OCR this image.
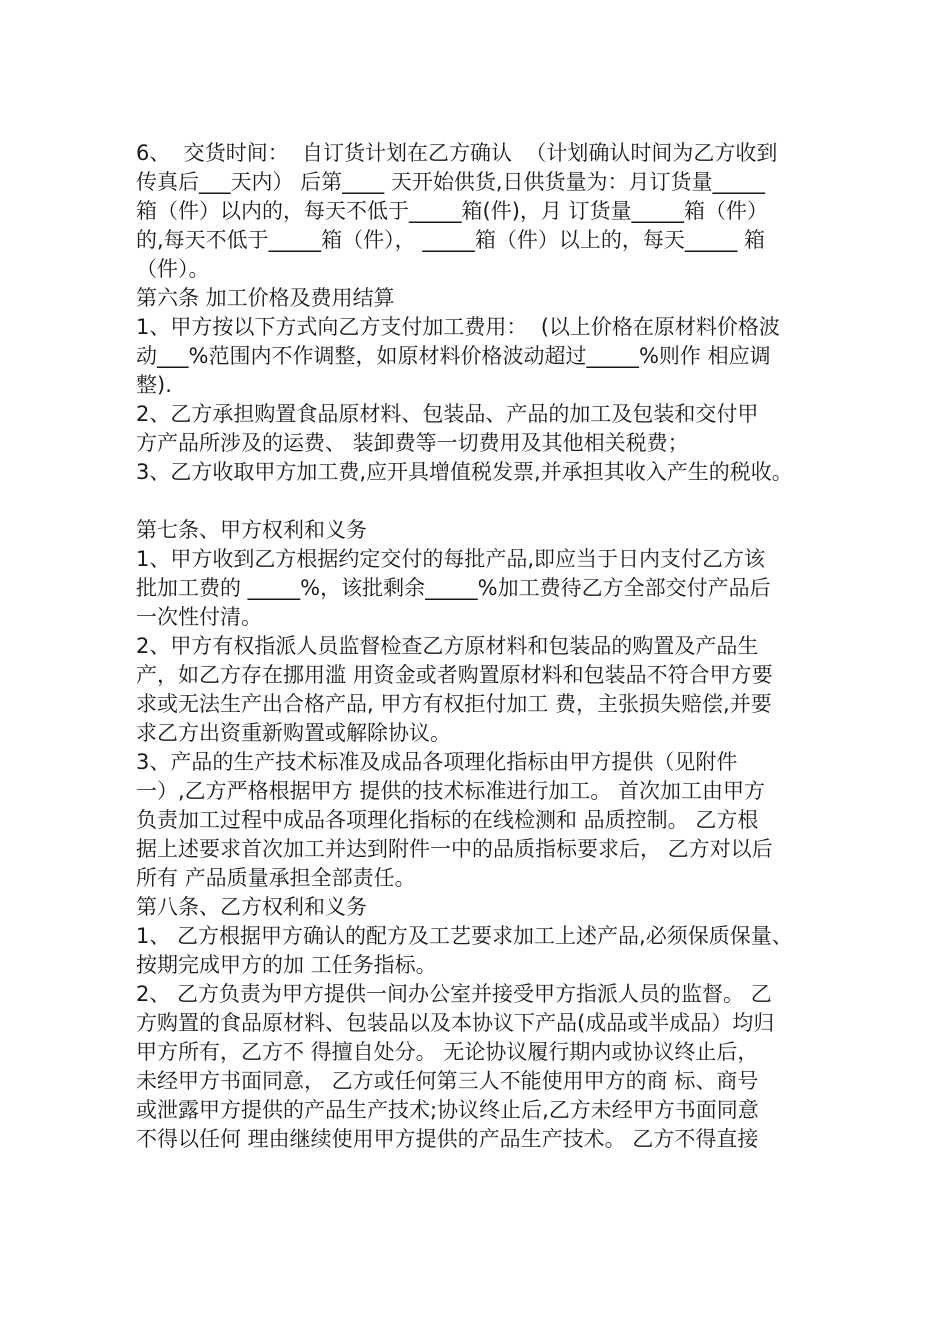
6、  交货时间：  自订货计划在乙方确认  （计划确认时间为乙方收到
传真后___天内） 后第____ 天开始供货,日供货量为：月订货量_____
箱（件）以内的，每天不低于_____箱(件)，月 订货量_____箱（件）
的,每天不低于_____箱（件）， _____箱（件）以上的，每天_____ 箱
（件）。
第六条 加工价格及费用结算
1、甲方按以下方式向乙方支付加工费用：  (以上价格在原材料价格波
动___%范围内不作调整，如原材料价格波动超过_____%则作 相应调
整).
2、乙方承担购置食品原材料、包装品、产品的加工及包装和交付甲
方产品所涉及的运费、 装卸费等一切费用及其他相关税费；
3、乙方收取甲方加工费,应开具增值税发票,并承担其收入产生的税收。
第七条、甲方权利和义务
1、甲方收到乙方根据约定交付的每批产品,即应当于日内支付乙方该
批加工费的 _____%，该批剩余_____%加工费待乙方全部交付产品后
一次性付清。
2、甲方有权指派人员监督检查乙方原材料和包装品的购置及产品生
产，如乙方存在挪用滥 用资金或者购置原材料和包装品不符合甲方要
求或无法生产出合格产品, 甲方有权拒付加工 费，主张损失赔偿,并要
求乙方出资重新购置或解除协议。
3、产品的生产技术标准及成品各项理化指标由甲方提供（见附件
一）,乙方严格根据甲方 提供的技术标准进行加工。 首次加工由甲方
负责加工过程中成品各项理化指标的在线检测和 品质控制。 乙方根
据上述要求首次加工并达到附件一中的品质指标要求后， 乙方对以后
所有 产品质量承担全部责任。
第八条、乙方权利和义务
1、 乙方根据甲方确认的配方及工艺要求加工上述产品,必须保质保量、
按期完成甲方的加 工任务指标。
2、 乙方负责为甲方提供一间办公室并接受甲方指派人员的监督。 乙
方购置的食品原材料、包装品以及本协议下产品(成品或半成品）均归
甲方所有，乙方不 得擅自处分。 无论协议履行期内或协议终止后，
未经甲方书面同意， 乙方或任何第三人不能使用甲方的商 标、商号
或泄露甲方提供的产品生产技术;协议终止后,乙方未经甲方书面同意
不得以任何 理由继续使用甲方提供的产品生产技术。 乙方不得直接
